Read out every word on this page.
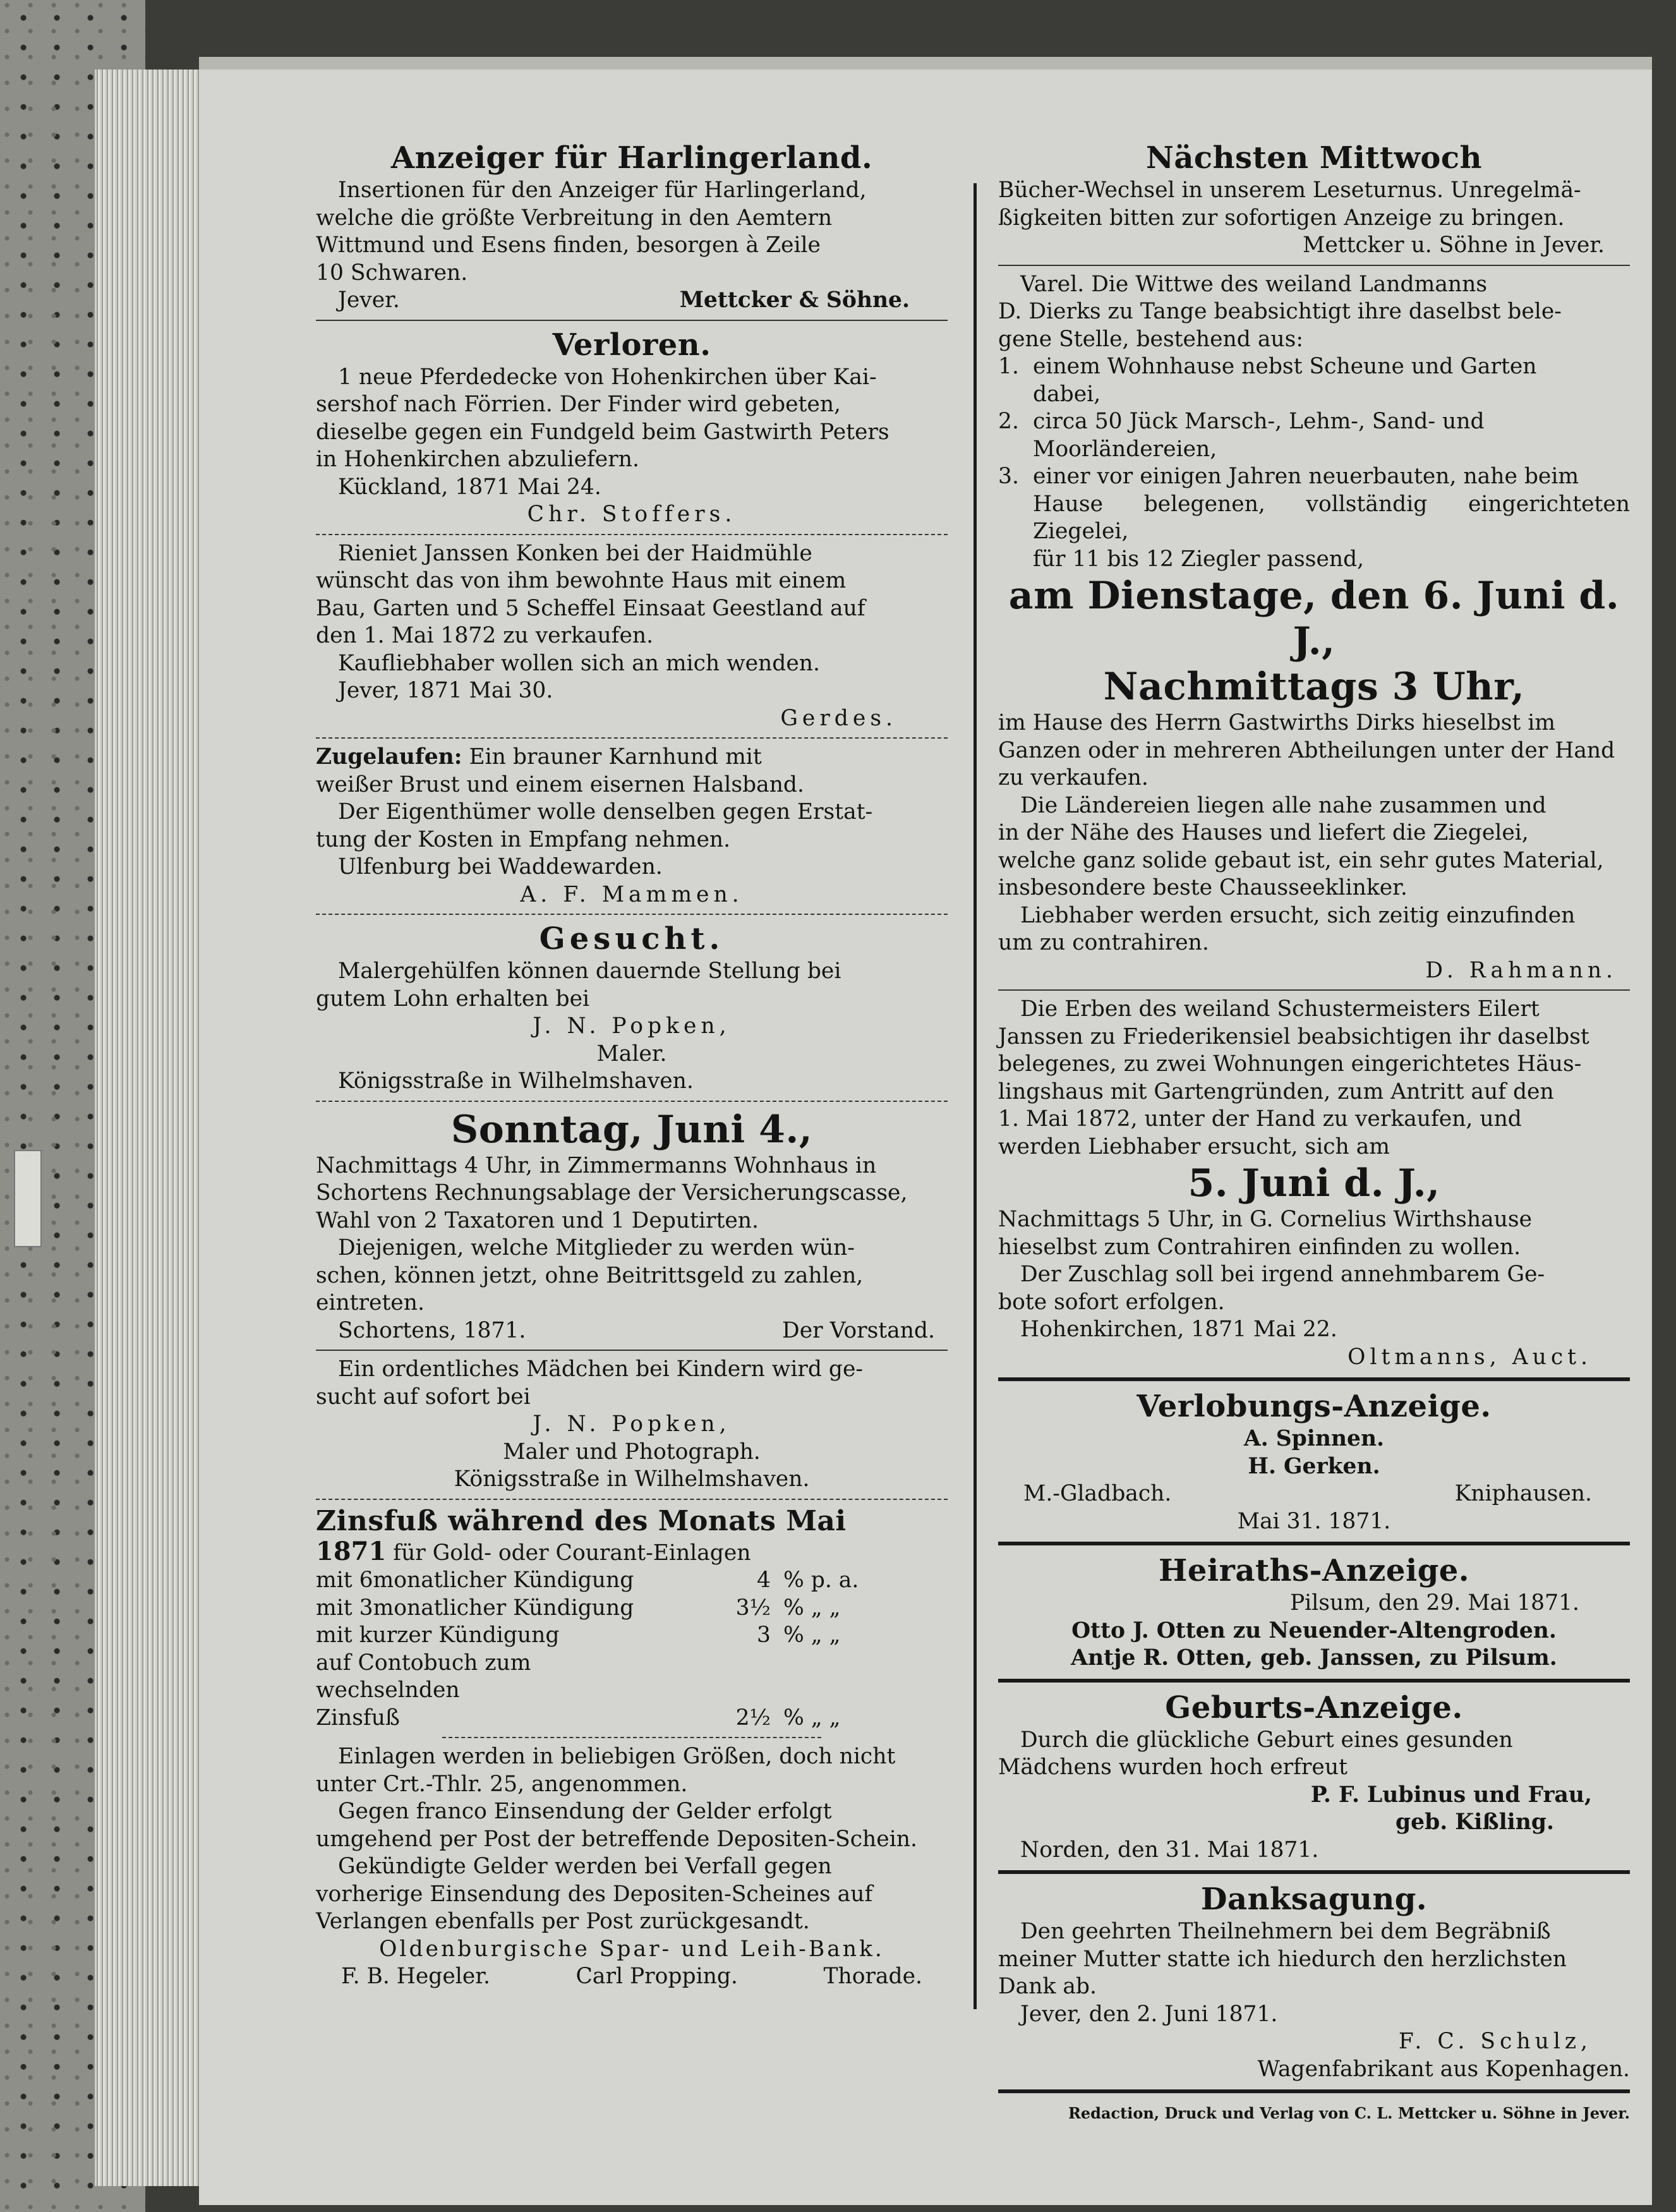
Anzeiger für Harlingerland.

Insertionen für den Anzeiger für Harlingerland,

welche die größte Verbreitung in den Aemtern

Wittmund und Esens finden, besorgen à Zeile

10 Schwaren.

Jever.	Mettcker & Söhne.
Verloren.

1 neue Pferdedecke von Hohenkirchen über Kai-

sershof nach Förrien. Der Finder wird gebeten,

dieselbe gegen ein Fundgeld beim Gastwirth Peters

in Hohenkirchen abzuliefern.

Kückland, 1871 Mai 24.

Chr. Stoffers.

Rieniet Janssen Konken bei der Haidmühle

wünscht das von ihm bewohnte Haus mit einem

Bau, Garten und 5 Scheffel Einsaat Geestland auf

den 1. Mai 1872 zu verkaufen.

Kaufliebhaber wollen sich an mich wenden.

Jever, 1871 Mai 30.

Gerdes.

Zugelaufen: Ein brauner Karnhund mit

weißer Brust und einem eisernen Halsband.

Der Eigenthümer wolle denselben gegen Erstat-

tung der Kosten in Empfang nehmen.

Ulfenburg bei Waddewarden.

A. F. Mammen.

Gesucht.

Malergehülfen können dauernde Stellung bei

gutem Lohn erhalten bei

J. N. Popken,

Maler.

Königsstraße in Wilhelmshaven.

Sonntag, Juni 4.,

Nachmittags 4 Uhr, in Zimmermanns Wohnhaus in

Schortens Rechnungsablage der Versicherungscasse,

Wahl von 2 Taxatoren und 1 Deputirten.

Diejenigen, welche Mitglieder zu werden wün-

schen, können jetzt, ohne Beitrittsgeld zu zahlen,

eintreten.

Schortens, 1871.	Der Vorstand.

Ein ordentliches Mädchen bei Kindern wird ge-

sucht auf sofort bei

J. N. Popken,

Maler und Photograph.

Königsstraße in Wilhelmshaven.

Zinsfuß während des Monats Mai

1871 für Gold- oder Courant-Einlagen

mit 6monatlicher Kündigung	4 % p. a.
mit 3monatlicher Kündigung	3½ % „ „
mit kurzer Kündigung	3 % „ „
auf Contobuch zum wechselnden
Zinsfuß	2½ % „ „

Einlagen werden in beliebigen Größen, doch nicht

unter Crt.-Thlr. 25, angenommen.

Gegen franco Einsendung der Gelder erfolgt

umgehend per Post der betreffende Depositen-Schein.

Gekündigte Gelder werden bei Verfall gegen

vorherige Einsendung des Depositen-Scheines auf

Verlangen ebenfalls per Post zurückgesandt.

Oldenburgische Spar- und Leih-Bank.

F. B. Hegeler.	Carl Propping.	Thorade.
Nächsten Mittwoch

Bücher-Wechsel in unserem Leseturnus. Unregelmä-

ßigkeiten bitten zur sofortigen Anzeige zu bringen.

Mettcker u. Söhne in Jever.

Varel. Die Wittwe des weiland Landmanns

D. Dierks zu Tange beabsichtigt ihre daselbst bele-

gene Stelle, bestehend aus:

1. einem Wohnhause nebst Scheune und Garten

dabei,

2. circa 50 Jück Marsch-, Lehm-, Sand- und

Moorländereien,

3. einer vor einigen Jahren neuerbauten, nahe beim

Hause belegenen, vollständig eingerichteten Ziegelei,

für 11 bis 12 Ziegler passend,

am Dienstage, den 6. Juni d. J.,
Nachmittags 3 Uhr,

im Hause des Herrn Gastwirths Dirks hieselbst im

Ganzen oder in mehreren Abtheilungen unter der Hand

zu verkaufen.

Die Ländereien liegen alle nahe zusammen und

in der Nähe des Hauses und liefert die Ziegelei,

welche ganz solide gebaut ist, ein sehr gutes Material,

insbesondere beste Chausseeklinker.

Liebhaber werden ersucht, sich zeitig einzufinden

um zu contrahiren.

D. Rahmann.

Die Erben des weiland Schustermeisters Eilert

Janssen zu Friederikensiel beabsichtigen ihr daselbst

belegenes, zu zwei Wohnungen eingerichtetes Häus-

lingshaus mit Gartengründen, zum Antritt auf den

1. Mai 1872, unter der Hand zu verkaufen, und

werden Liebhaber ersucht, sich am

5. Juni d. J.,

Nachmittags 5 Uhr, in G. Cornelius Wirthshause

hieselbst zum Contrahiren einfinden zu wollen.

Der Zuschlag soll bei irgend annehmbarem Ge-

bote sofort erfolgen.

Hohenkirchen, 1871 Mai 22.

Oltmanns, Auct.

Verlobungs-Anzeige.

A. Spinnen.

H. Gerken.

M.-Gladbach.	Kniphausen.

Mai 31. 1871.

Heiraths-Anzeige.

Pilsum, den 29. Mai 1871.

Otto J. Otten zu Neuender-Altengroden.

Antje R. Otten, geb. Janssen, zu Pilsum.

Geburts-Anzeige.

Durch die glückliche Geburt eines gesunden

Mädchens wurden hoch erfreut

P. F. Lubinus und Frau,

geb. Kißling.

Norden, den 31. Mai 1871.

Danksagung.

Den geehrten Theilnehmern bei dem Begräbniß

meiner Mutter statte ich hiedurch den herzlichsten

Dank ab.

Jever, den 2. Juni 1871.

F. C. Schulz,

Wagenfabrikant aus Kopenhagen.

Redaction, Druck und Verlag von C. L. Mettcker u. Söhne in Jever.
